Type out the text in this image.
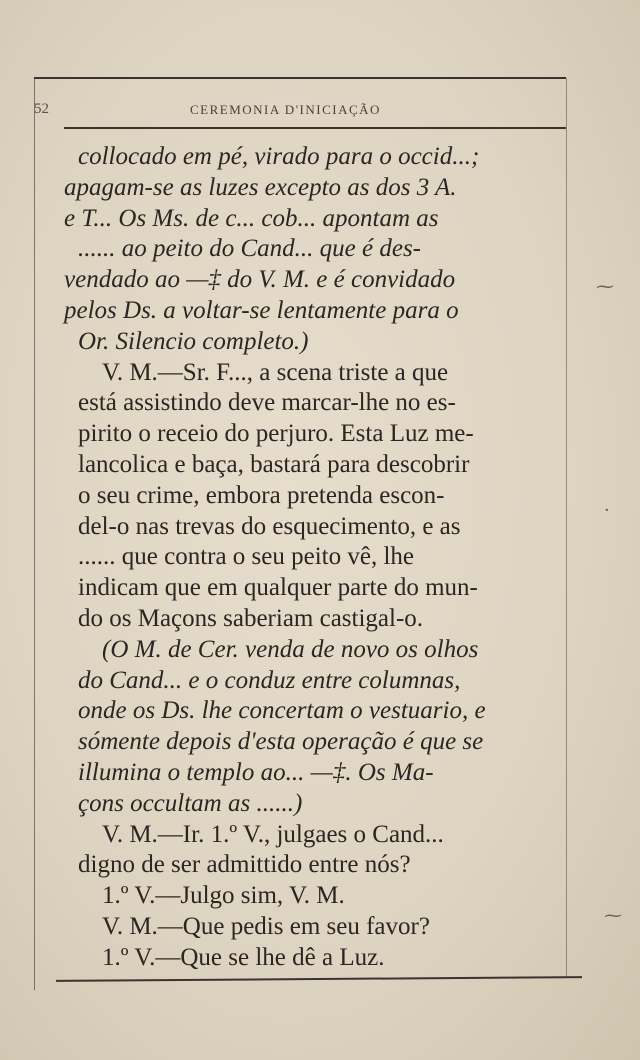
52	CEREMONIA D'INICIAÇÃO
collocado em pé, virado para o occid...;
apagam-se as luzes excepto as dos 3 A.
e T... Os Ms. de c... cob... apontam as
...... ao peito do Cand... que é des-
vendado ao —‡ do V. M. e é convidado
pelos Ds. a voltar-se lentamente para o
Or. Silencio completo.)
V. M.—Sr. F..., a scena triste a que
está assistindo deve marcar-lhe no es-
pirito o receio do perjuro. Esta Luz me-
lancolica e baça, bastará para descobrir
o seu crime, embora pretenda escon-
del-o nas trevas do esquecimento, e as
...... que contra o seu peito vê, lhe
indicam que em qualquer parte do mun-
do os Maçons saberiam castigal-o.
(O M. de Cer. venda de novo os olhos
do Cand... e o conduz entre columnas,
onde os Ds. lhe concertam o vestuario, e
sómente depois d'esta operação é que se
illumina o templo ao... —‡. Os Ma-
çons occultam as ......)
V. M.—Ir. 1.º V., julgaes o Cand...
digno de ser admittido entre nós?
1.º V.—Julgo sim, V. M.
V. M.—Que pedis em seu favor?
1.º V.—Que se lhe dê a Luz.
⁓
·
⁓
